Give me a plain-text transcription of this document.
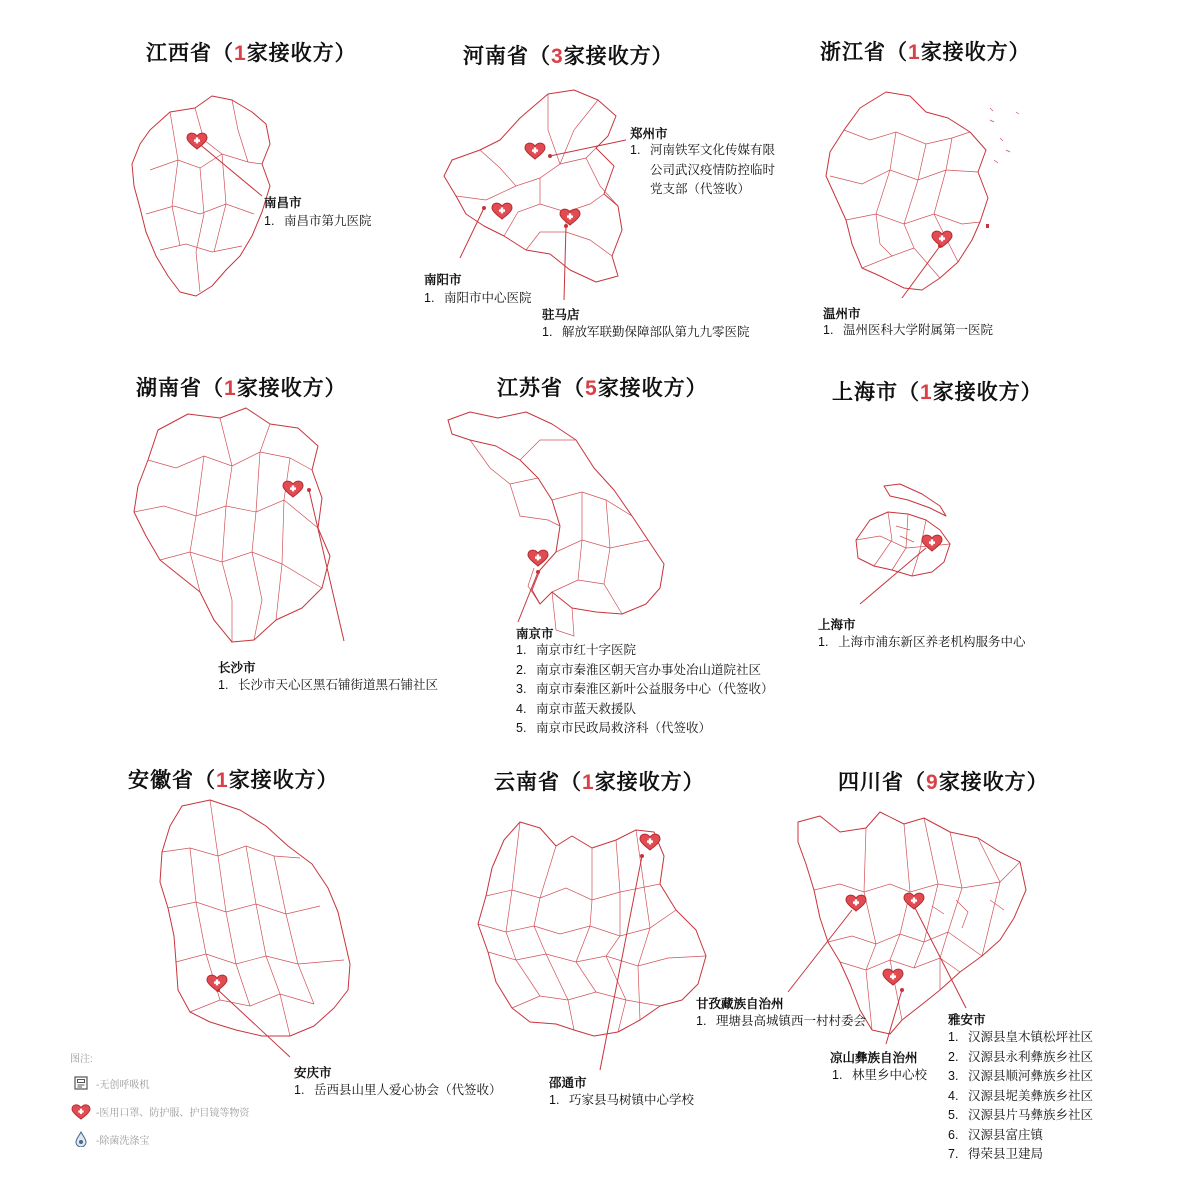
江西省（1家接收方）
南昌市
1. 南昌市第九医院
河南省（3家接收方）
郑州市
1. 河南铁军文化传媒有限公司武汉疫情防控临时党支部（代签收）
南阳市
1. 南阳市中心医院
驻马店
1. 解放军联勤保障部队第九九零医院
浙江省（1家接收方）
温州市
1. 温州医科大学附属第一医院
湖南省（1家接收方）
长沙市
1. 长沙市天心区黑石铺街道黑石铺社区
江苏省（5家接收方）
南京市
1. 南京市红十字医院
2. 南京市秦淮区朝天宫办事处冶山道院社区
3. 南京市秦淮区新叶公益服务中心（代签收）
4. 南京市蓝天救援队
5. 南京市民政局救济科（代签收）
上海市（1家接收方）
上海市
1. 上海市浦东新区养老机构服务中心
安徽省（1家接收方）
安庆市
1. 岳西县山里人爱心协会（代签收）
云南省（1家接收方）
邵通市
1. 巧家县马树镇中心学校
四川省（9家接收方）
甘孜藏族自治州
1. 理塘县高城镇西一村村委会
凉山彝族自治州
1. 林里乡中心校
雅安市
1. 汉源县皇木镇松坪社区
2. 汉源县永利彝族乡社区
3. 汉源县顺河彝族乡社区
4. 汉源县坭美彝族乡社区
5. 汉源县片马彝族乡社区
6. 汉源县富庄镇
7. 得荣县卫建局
图注:
-无创呼吸机
-医用口罩、防护服、护目镜等物资
-除菌洗涤宝
